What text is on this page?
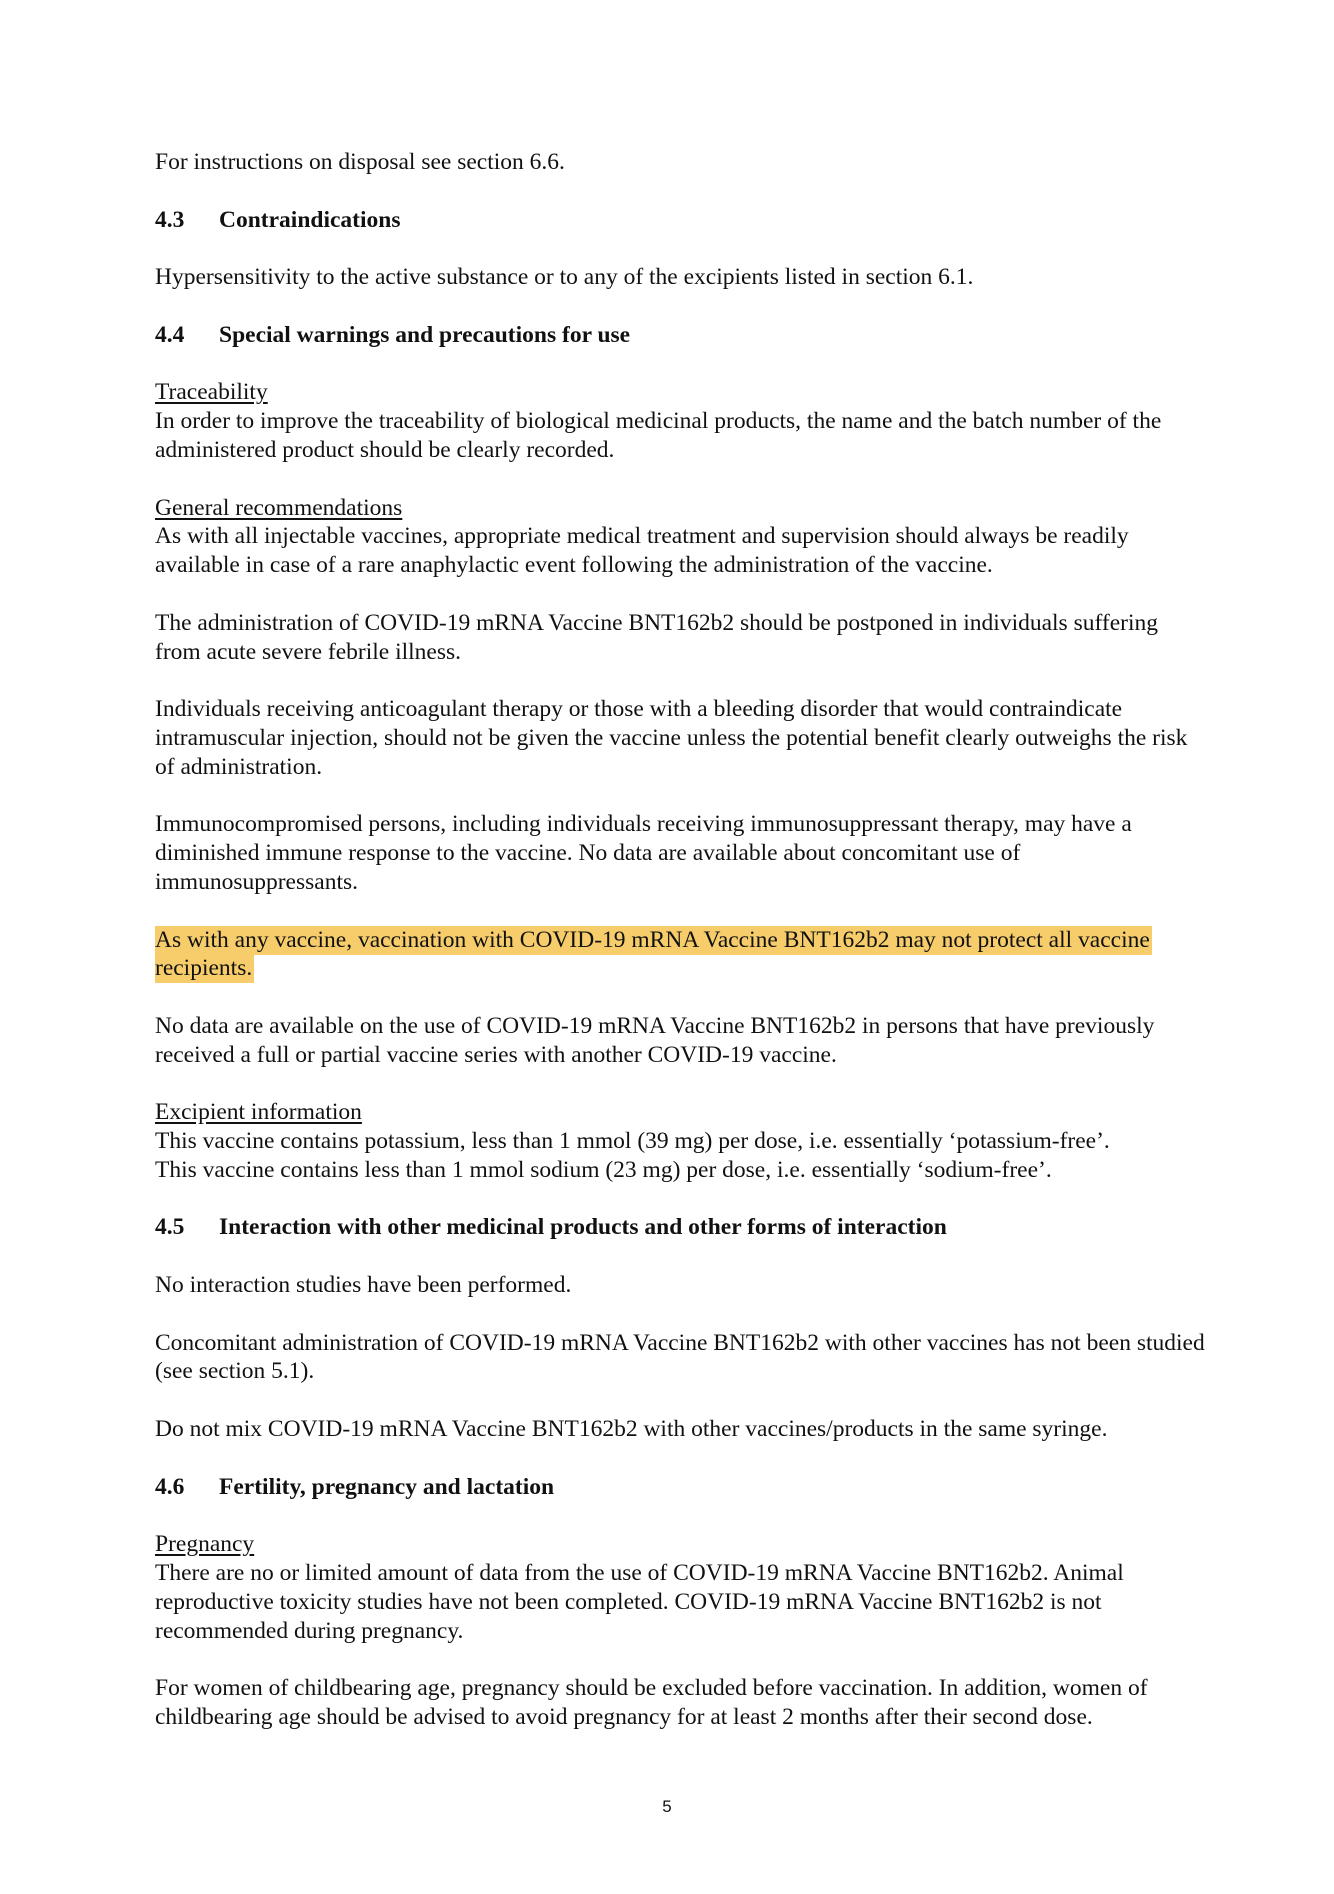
For instructions on disposal see section 6.6.

4.3	Contraindications

Hypersensitivity to the active substance or to any of the excipients listed in section 6.1.

4.4	Special warnings and precautions for use

Traceability

In order to improve the traceability of biological medicinal products, the name and the batch number of the administered product should be clearly recorded.

General recommendations

As with all injectable vaccines, appropriate medical treatment and supervision should always be readily available in case of a rare anaphylactic event following the administration of the vaccine.

The administration of COVID-19 mRNA Vaccine BNT162b2 should be postponed in individuals suffering from acute severe febrile illness.

Individuals receiving anticoagulant therapy or those with a bleeding disorder that would contraindicate intramuscular injection, should not be given the vaccine unless the potential benefit clearly outweighs the risk of administration.

Immunocompromised persons, including individuals receiving immunosuppressant therapy, may have a diminished immune response to the vaccine. No data are available about concomitant use of immunosuppressants.

As with any vaccine, vaccination with COVID-19 mRNA Vaccine BNT162b2 may not protect all vaccine recipients.

No data are available on the use of COVID-19 mRNA Vaccine BNT162b2 in persons that have previously received a full or partial vaccine series with another COVID-19 vaccine.

Excipient information

This vaccine contains potassium, less than 1 mmol (39 mg) per dose, i.e. essentially ‘potassium-free’.

This vaccine contains less than 1 mmol sodium (23 mg) per dose, i.e. essentially ‘sodium-free’.

4.5	Interaction with other medicinal products and other forms of interaction

No interaction studies have been performed.

Concomitant administration of COVID-19 mRNA Vaccine BNT162b2 with other vaccines has not been studied (see section 5.1).

Do not mix COVID-19 mRNA Vaccine BNT162b2 with other vaccines/products in the same syringe.

4.6	Fertility, pregnancy and lactation

Pregnancy

There are no or limited amount of data from the use of COVID-19 mRNA Vaccine BNT162b2. Animal reproductive toxicity studies have not been completed. COVID-19 mRNA Vaccine BNT162b2 is not recommended during pregnancy.

For women of childbearing age, pregnancy should be excluded before vaccination. In addition, women of childbearing age should be advised to avoid pregnancy for at least 2 months after their second dose.

5
